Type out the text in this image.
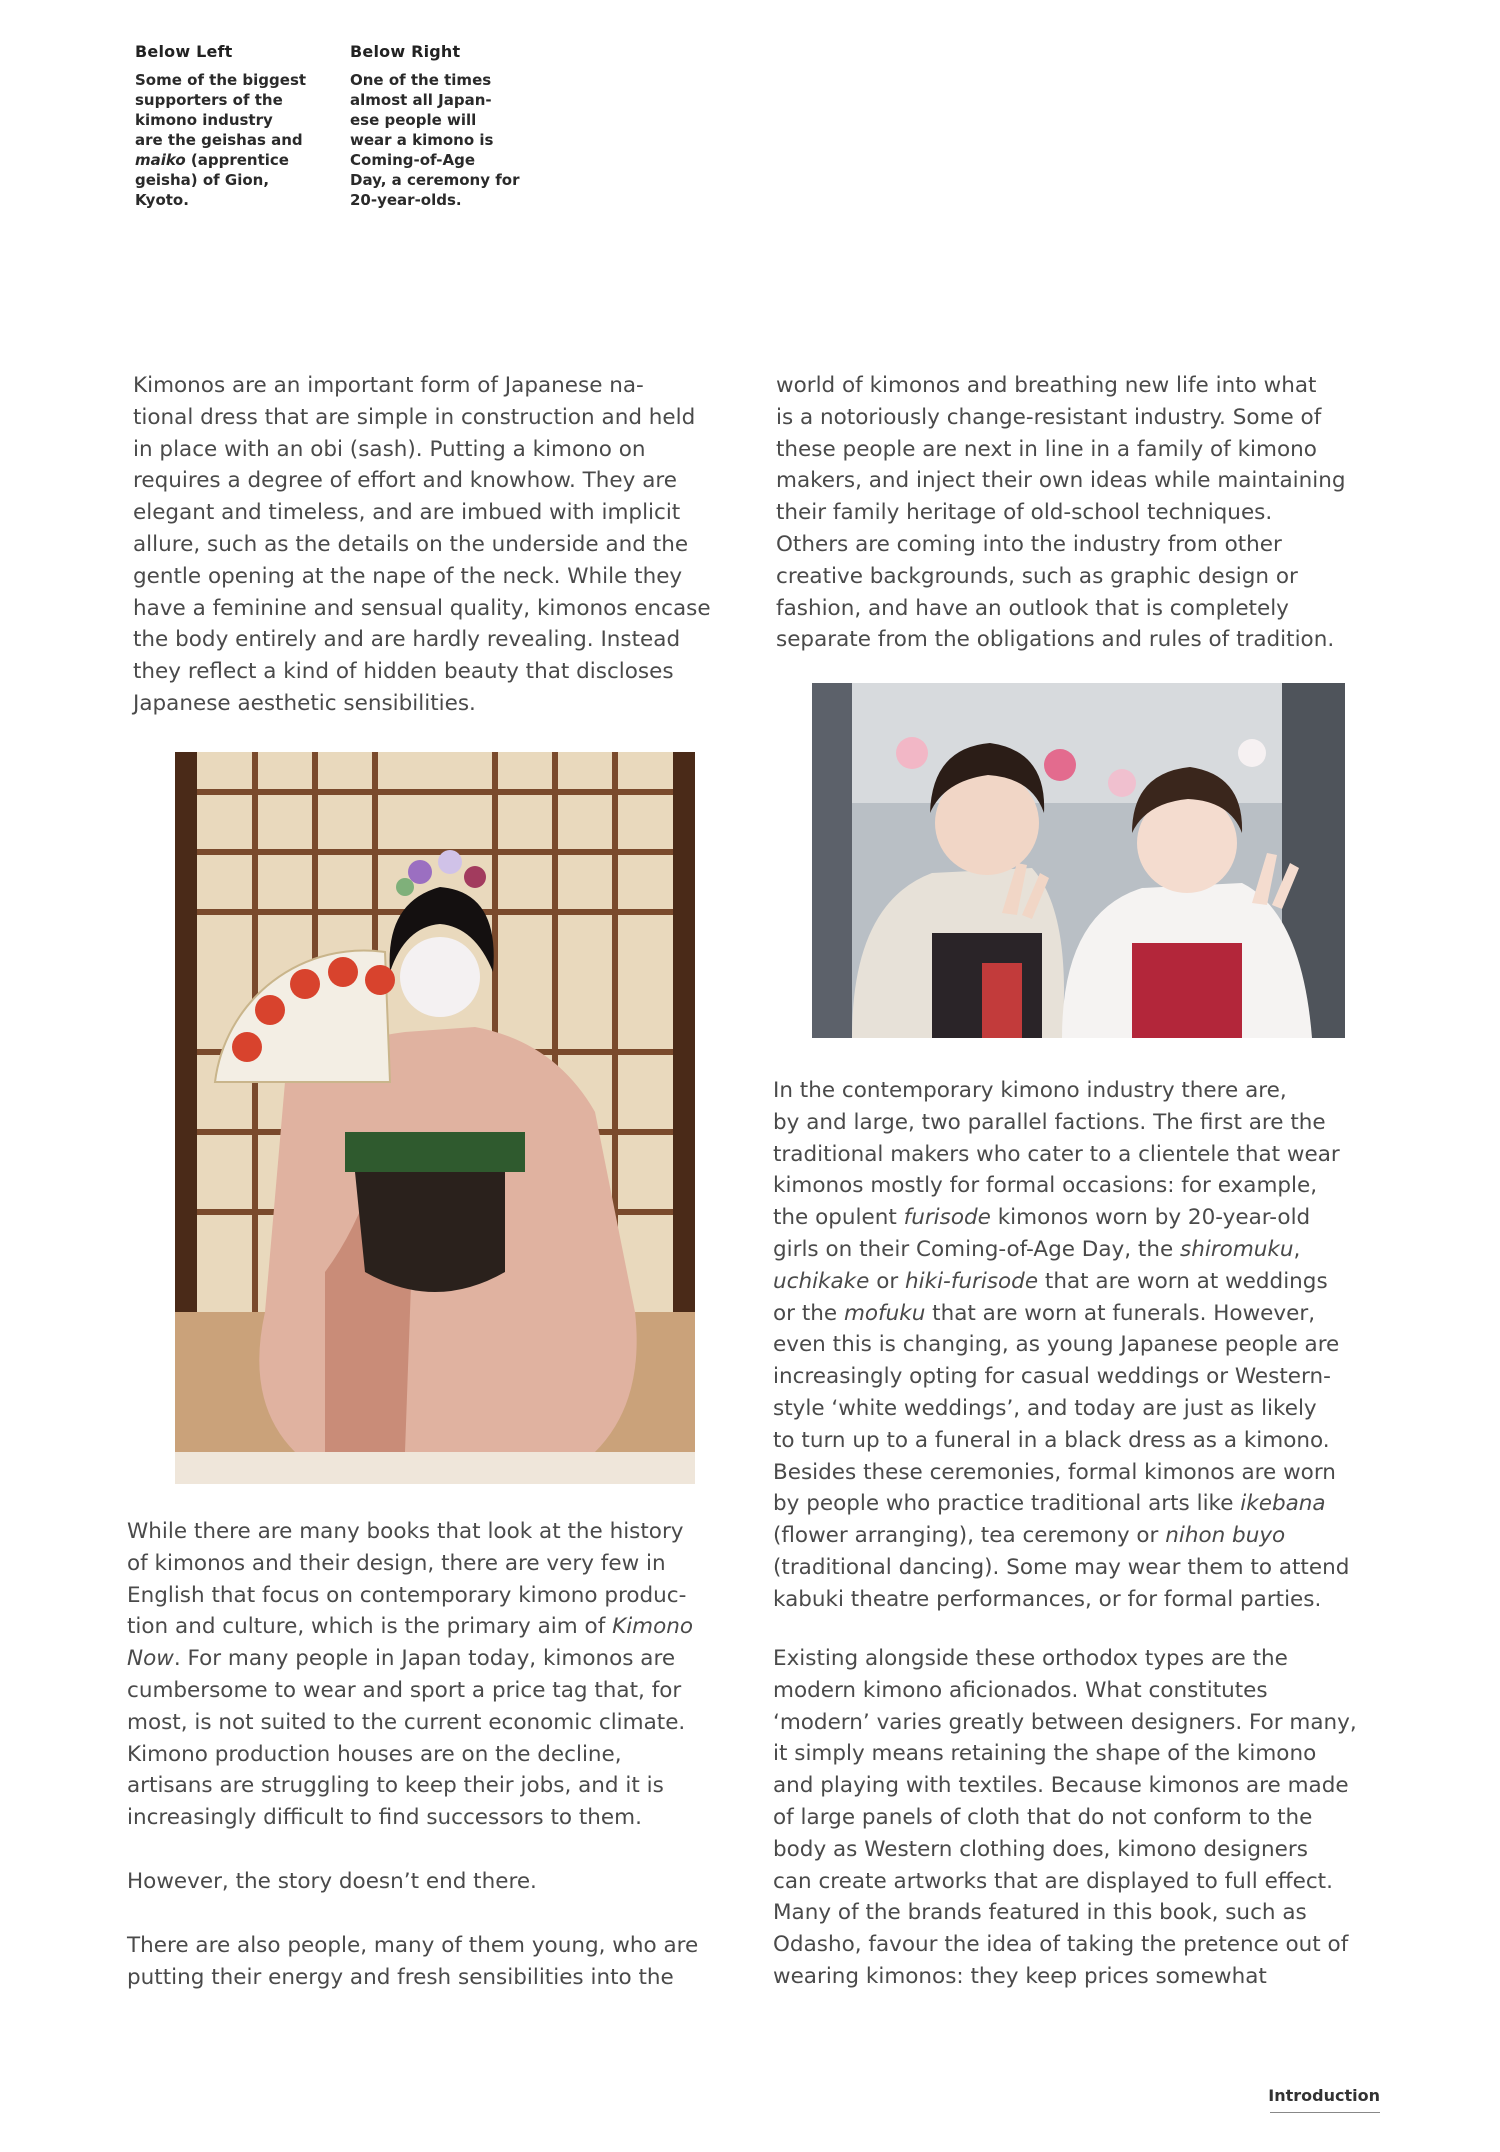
Below Left

Some of the biggest
supporters of the
kimono industry
are the geishas and
maiko (apprentice
geisha) of Gion,
Kyoto.

Below Right

One of the times
almost all Japan-
ese people will
wear a kimono is
Coming-of-Age
Day, a ceremony for
20-year-olds.

Kimonos are an important form of Japanese na-
tional dress that are simple in construction and held
in place with an obi (sash). Putting a kimono on
requires a degree of effort and knowhow. They are
elegant and timeless, and are imbued with implicit
allure, such as the details on the underside and the
gentle opening at the nape of the neck. While they
have a feminine and sensual quality, kimonos encase
the body entirely and are hardly revealing. Instead
they reflect a kind of hidden beauty that discloses
Japanese aesthetic sensibilities.

world of kimonos and breathing new life into what
is a notoriously change-resistant industry. Some of
these people are next in line in a family of kimono
makers, and inject their own ideas while maintaining
their family heritage of old-school techniques.
Others are coming into the industry from other
creative backgrounds, such as graphic design or
fashion, and have an outlook that is completely
separate from the obligations and rules of tradition.

In the contemporary kimono industry there are,
by and large, two parallel factions. The first are the
traditional makers who cater to a clientele that wear
kimonos mostly for formal occasions: for example,
the opulent furisode kimonos worn by 20-year-old
girls on their Coming-of-Age Day, the shiromuku,
uchikake or hiki-furisode that are worn at weddings
or the mofuku that are worn at funerals. However,
even this is changing, as young Japanese people are
increasingly opting for casual weddings or Western-
style ‘white weddings’, and today are just as likely
to turn up to a funeral in a black dress as a kimono.
Besides these ceremonies, formal kimonos are worn
by people who practice traditional arts like ikebana
(flower arranging), tea ceremony or nihon buyo
(traditional dancing). Some may wear them to attend
kabuki theatre performances, or for formal parties.

While there are many books that look at the history
of kimonos and their design, there are very few in
English that focus on contemporary kimono produc-
tion and culture, which is the primary aim of Kimono
Now. For many people in Japan today, kimonos are
cumbersome to wear and sport a price tag that, for
most, is not suited to the current economic climate.
Kimono production houses are on the decline,
artisans are struggling to keep their jobs, and it is
increasingly difficult to find successors to them.

However, the story doesn’t end there.

There are also people, many of them young, who are
putting their energy and fresh sensibilities into the

Existing alongside these orthodox types are the
modern kimono aficionados. What constitutes
‘modern’ varies greatly between designers. For many,
it simply means retaining the shape of the kimono
and playing with textiles. Because kimonos are made
of large panels of cloth that do not conform to the
body as Western clothing does, kimono designers
can create artworks that are displayed to full effect.
Many of the brands featured in this book, such as
Odasho, favour the idea of taking the pretence out of
wearing kimonos: they keep prices somewhat

Introduction
